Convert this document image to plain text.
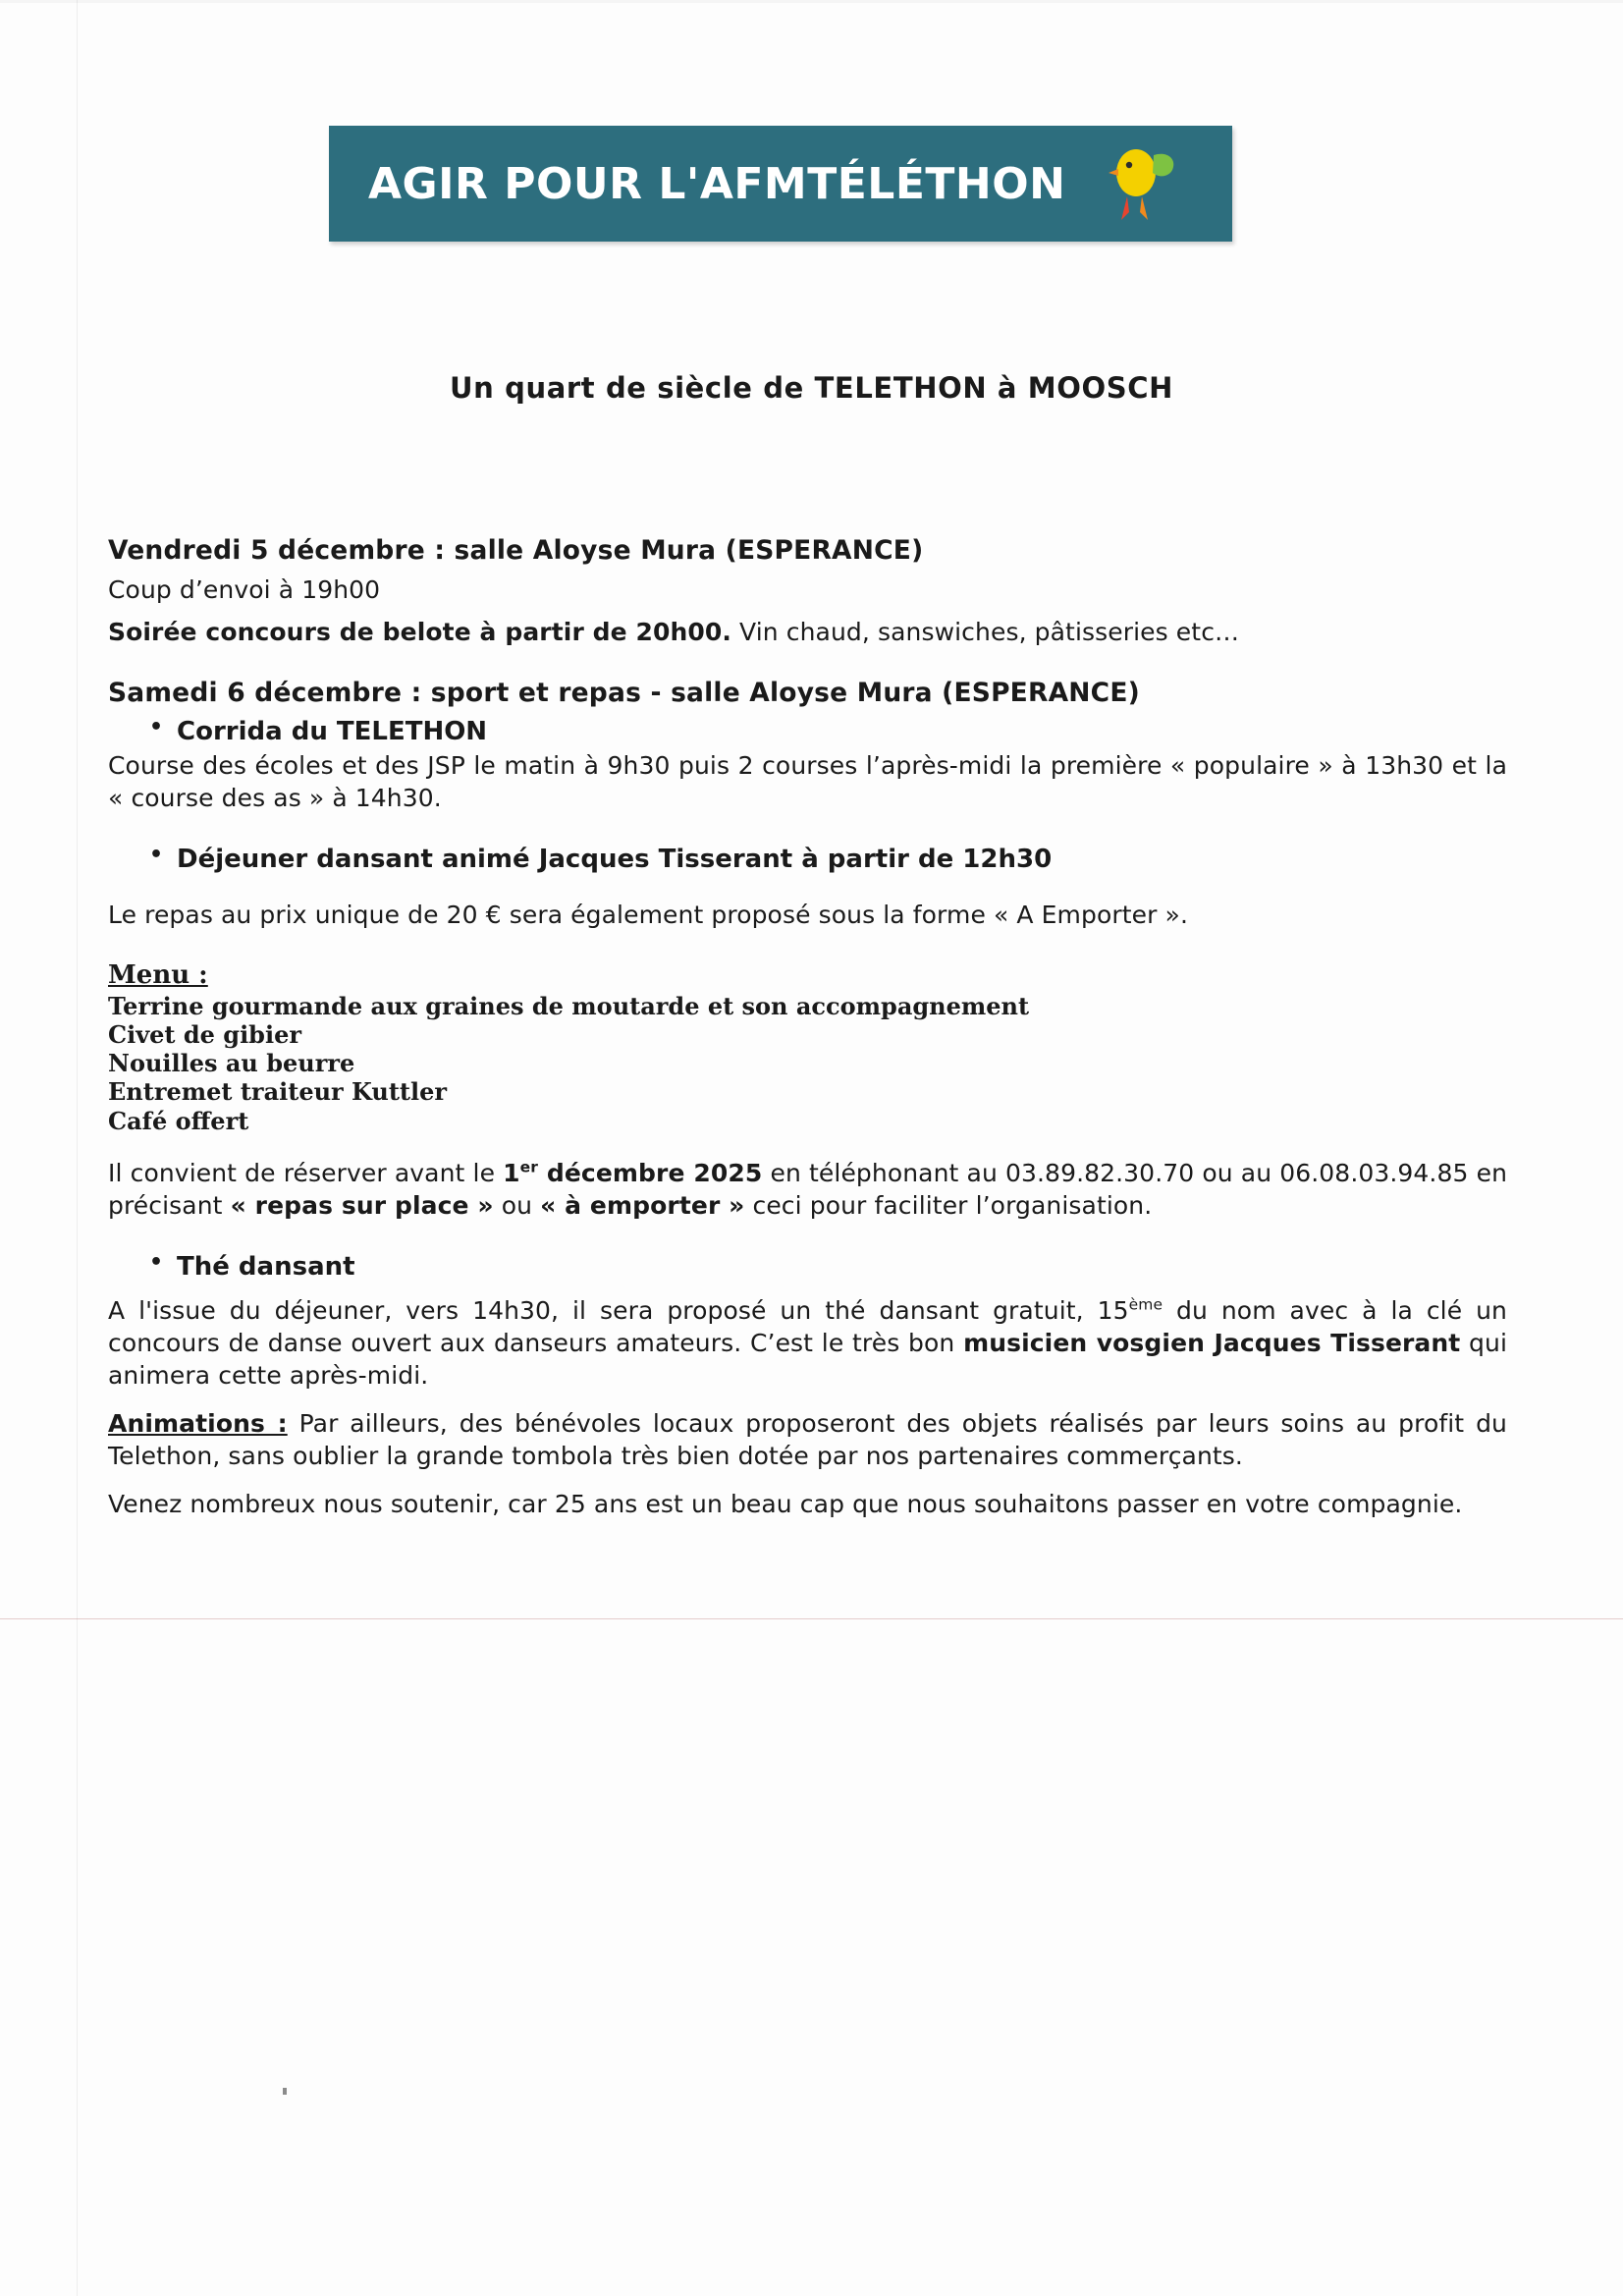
AGIR POUR L'AFMTÉLÉTHON
Un quart de siècle de TELETHON à MOOSCH
Vendredi 5 décembre : salle Aloyse Mura (ESPERANCE)
Coup d’envoi à 19h00
Soirée concours de belote à partir de 20h00. Vin chaud, sanswiches, pâtisseries etc…
Samedi 6 décembre : sport et repas - salle Aloyse Mura (ESPERANCE)
• Corrida du TELETHON
Course des écoles et des JSP le matin à 9h30 puis 2 courses l’après-midi la première « populaire » à 13h30 et la « course des as » à 14h30.
• Déjeuner dansant animé Jacques Tisserant à partir de 12h30
Le repas au prix unique de 20 € sera également proposé sous la forme « A Emporter ».
Menu :
Terrine gourmande aux graines de moutarde et son accompagnement
Civet de gibier
Nouilles au beurre
Entremet traiteur Kuttler
Café offert
Il convient de réserver avant le 1er décembre 2025 en téléphonant au 03.89.82.30.70 ou au 06.08.03.94.85 en précisant « repas sur place » ou « à emporter » ceci pour faciliter l’organisation.
• Thé dansant
A l'issue du déjeuner, vers 14h30, il sera proposé un thé dansant gratuit, 15ème du nom avec à la clé un concours de danse ouvert aux danseurs amateurs. C’est le très bon musicien vosgien Jacques Tisserant qui animera cette après-midi.
Animations : Par ailleurs, des bénévoles locaux proposeront des objets réalisés par leurs soins au profit du Telethon, sans oublier la grande tombola très bien dotée par nos partenaires commerçants.
Venez nombreux nous soutenir, car 25 ans est un beau cap que nous souhaitons passer en votre compagnie.
